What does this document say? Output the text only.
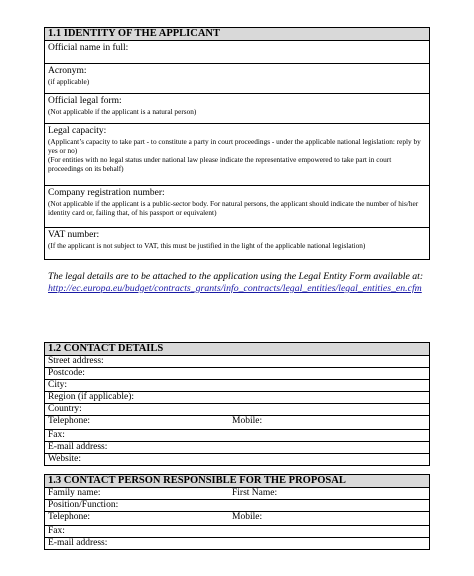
1.1 IDENTITY OF THE APPLICANT
Official name in full:

Acronym:
(if applicable)

Official legal form:
(Not applicable if the applicant is a natural person)

Legal capacity:
(Applicant’s capacity to take part - to constitute a party in court proceedings - under the applicable national legislation: reply by yes or no)
(For entities with no legal status under national law please indicate the representative empowered to take part in court proceedings on its behalf)

Company registration number:
(Not applicable if the applicant is a public-sector body. For natural persons, the applicant should indicate the number of his/her identity card or, failing that, of his passport or equivalent)

VAT number:
(If the applicant is not subject to VAT, this must be justified in the light of the applicable national legislation)
The legal details are to be attached to the application using the Legal Entity Form available at:
http://ec.europa.eu/budget/contracts_grants/info_contracts/legal_entities/legal_entities_en.cfm
1.2 CONTACT DETAILS
Street address:
Postcode:
City:
Region (if applicable):
Country:

Telephone:	Mobile:

Fax:
E-mail address:
Website:
1.3 CONTACT PERSON RESPONSIBLE FOR THE PROPOSAL

Family name:	First Name:

Position/Function:

Telephone:	Mobile:

Fax:
E-mail address:
